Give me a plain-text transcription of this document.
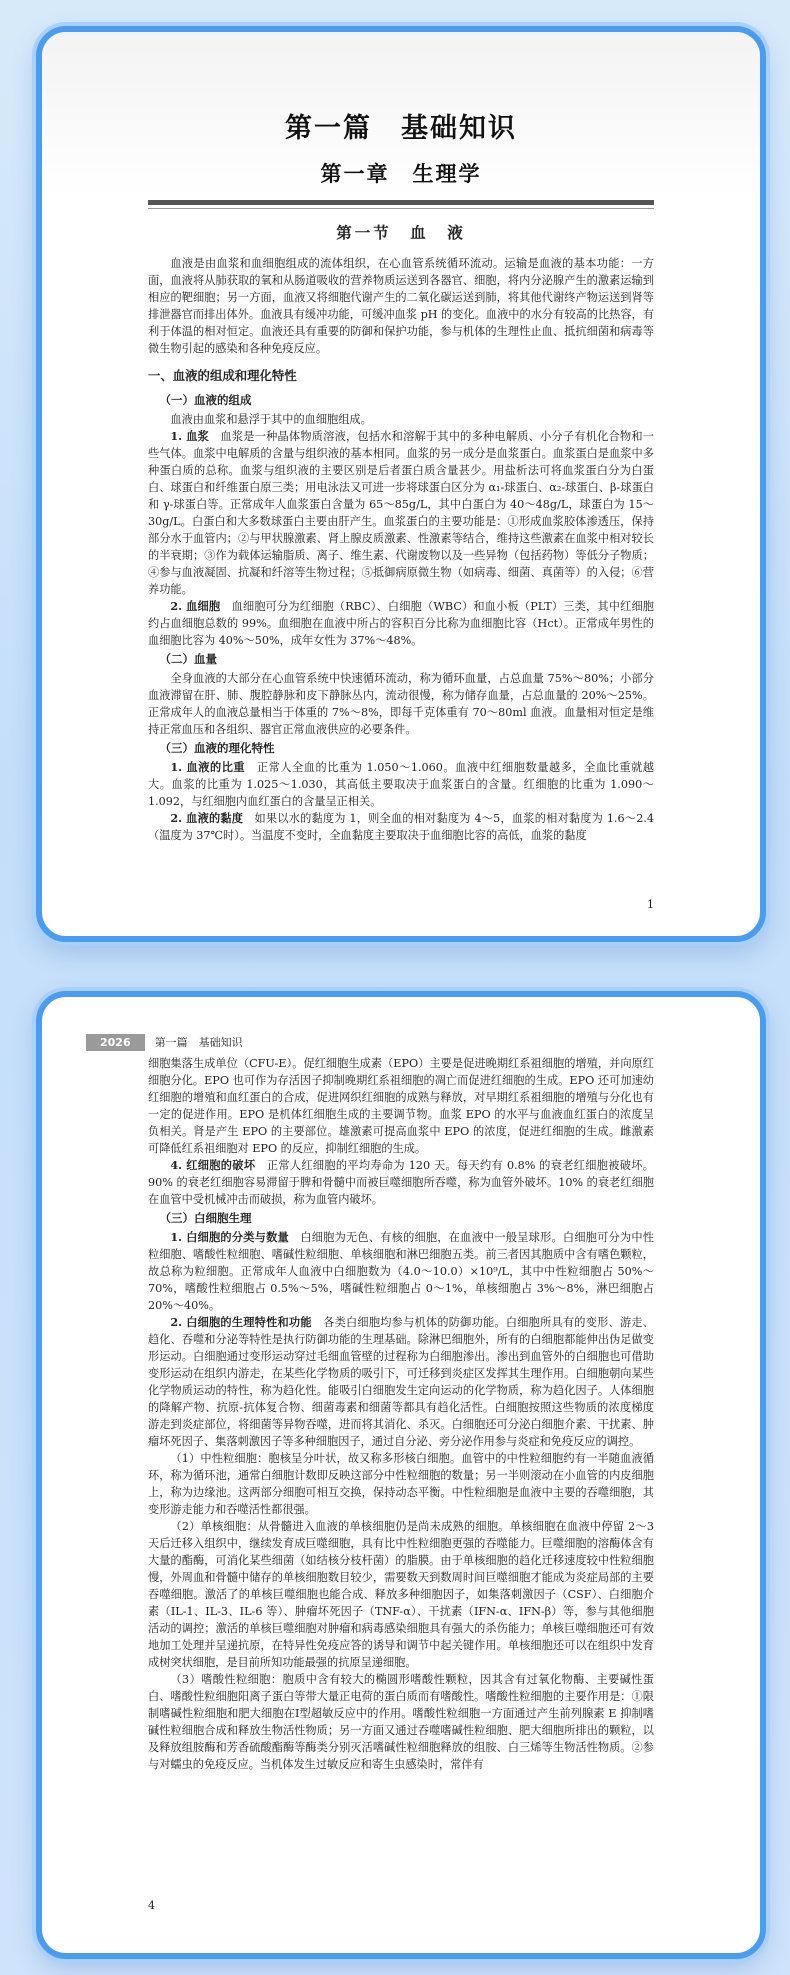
第一篇　基础知识
第一章　生理学
第一节　血　液

血液是由血浆和血细胞组成的流体组织，在心血管系统循环流动。运输是血液的基本功能：一方面，血液将从肺获取的氧和从肠道吸收的营养物质运送到各器官、细胞，将内分泌腺产生的激素运输到相应的靶细胞；另一方面，血液又将细胞代谢产生的二氧化碳运送到肺，将其他代谢终产物运送到肾等排泄器官而排出体外。血液具有缓冲功能，可缓冲血浆 pH 的变化。血液中的水分有较高的比热容，有利于体温的相对恒定。血液还具有重要的防御和保护功能，参与机体的生理性止血、抵抗细菌和病毒等微生物引起的感染和各种免疫反应。

一、血液的组成和理化特性
（一）血液的组成

血液由血浆和悬浮于其中的血细胞组成。

1. 血浆　血浆是一种晶体物质溶液，包括水和溶解于其中的多种电解质、小分子有机化合物和一些气体。血浆中电解质的含量与组织液的基本相同。血浆的另一成分是血浆蛋白。血浆蛋白是血浆中多种蛋白质的总称。血浆与组织液的主要区别是后者蛋白质含量甚少。用盐析法可将血浆蛋白分为白蛋白、球蛋白和纤维蛋白原三类；用电泳法又可进一步将球蛋白区分为 α₁-球蛋白、α₂-球蛋白、β-球蛋白和 γ-球蛋白等。正常成年人血浆蛋白含量为 65～85g/L，其中白蛋白为 40～48g/L，球蛋白为 15～30g/L。白蛋白和大多数球蛋白主要由肝产生。血浆蛋白的主要功能是：①形成血浆胶体渗透压，保持部分水于血管内；②与甲状腺激素、肾上腺皮质激素、性激素等结合，维持这些激素在血浆中相对较长的半衰期；③作为载体运输脂质、离子、维生素、代谢废物以及一些异物（包括药物）等低分子物质；④参与血液凝固、抗凝和纤溶等生物过程；⑤抵御病原微生物（如病毒、细菌、真菌等）的入侵；⑥营养功能。

2. 血细胞　血细胞可分为红细胞（RBC）、白细胞（WBC）和血小板（PLT）三类，其中红细胞约占血细胞总数的 99%。血细胞在血液中所占的容积百分比称为血细胞比容（Hct）。正常成年男性的血细胞比容为 40%～50%，成年女性为 37%～48%。

（二）血量

全身血液的大部分在心血管系统中快速循环流动，称为循环血量，占总血量 75%～80%；小部分血液滞留在肝、肺、腹腔静脉和皮下静脉丛内，流动很慢，称为储存血量，占总血量的 20%～25%。正常成年人的血液总量相当于体重的 7%～8%，即每千克体重有 70～80ml 血液。血量相对恒定是维持正常血压和各组织、器官正常血液供应的必要条件。

（三）血液的理化特性

1. 血液的比重　正常人全血的比重为 1.050～1.060。血液中红细胞数量越多，全血比重就越大。血浆的比重为 1.025～1.030，其高低主要取决于血浆蛋白的含量。红细胞的比重为 1.090～1.092，与红细胞内血红蛋白的含量呈正相关。

2. 血液的黏度　如果以水的黏度为 1，则全血的相对黏度为 4～5，血浆的相对黏度为 1.6～2.4（温度为 37℃时）。当温度不变时，全血黏度主要取决于血细胞比容的高低，血浆的黏度

1
2026	第一篇　基础知识

细胞集落生成单位（CFU-E）。促红细胞生成素（EPO）主要是促进晚期红系祖细胞的增殖，并向原红细胞分化。EPO 也可作为存活因子抑制晚期红系祖细胞的凋亡而促进红细胞的生成。EPO 还可加速幼红细胞的增殖和血红蛋白的合成，促进网织红细胞的成熟与释放，对早期红系祖细胞的增殖与分化也有一定的促进作用。EPO 是机体红细胞生成的主要调节物。血浆 EPO 的水平与血液血红蛋白的浓度呈负相关。肾是产生 EPO 的主要部位。雄激素可提高血浆中 EPO 的浓度，促进红细胞的生成。雌激素可降低红系祖细胞对 EPO 的反应，抑制红细胞的生成。

4. 红细胞的破坏　正常人红细胞的平均寿命为 120 天。每天约有 0.8% 的衰老红细胞被破坏。90% 的衰老红细胞容易滞留于脾和骨髓中而被巨噬细胞所吞噬，称为血管外破坏。10% 的衰老红细胞在血管中受机械冲击而破损，称为血管内破坏。

（三）白细胞生理

1. 白细胞的分类与数量　白细胞为无色、有核的细胞，在血液中一般呈球形。白细胞可分为中性粒细胞、嗜酸性粒细胞、嗜碱性粒细胞、单核细胞和淋巴细胞五类。前三者因其胞质中含有嗜色颗粒，故总称为粒细胞。正常成年人血液中白细胞数为（4.0～10.0）×10⁹/L，其中中性粒细胞占 50%～70%，嗜酸性粒细胞占 0.5%～5%，嗜碱性粒细胞占 0～1%，单核细胞占 3%～8%，淋巴细胞占 20%～40%。

2. 白细胞的生理特性和功能　各类白细胞均参与机体的防御功能。白细胞所具有的变形、游走、趋化、吞噬和分泌等特性是执行防御功能的生理基础。除淋巴细胞外，所有的白细胞都能伸出伪足做变形运动。白细胞通过变形运动穿过毛细血管壁的过程称为白细胞渗出。渗出到血管外的白细胞也可借助变形运动在组织内游走，在某些化学物质的吸引下，可迁移到炎症区发挥其生理作用。白细胞朝向某些化学物质运动的特性，称为趋化性。能吸引白细胞发生定向运动的化学物质，称为趋化因子。人体细胞的降解产物、抗原-抗体复合物、细菌毒素和细菌等都具有趋化活性。白细胞按照这些物质的浓度梯度游走到炎症部位，将细菌等异物吞噬，进而将其消化、杀灭。白细胞还可分泌白细胞介素、干扰素、肿瘤坏死因子、集落刺激因子等多种细胞因子，通过自分泌、旁分泌作用参与炎症和免疫反应的调控。

（1）中性粒细胞：胞核呈分叶状，故又称多形核白细胞。血管中的中性粒细胞约有一半随血液循环，称为循环池，通常白细胞计数即反映这部分中性粒细胞的数量；另一半则滚动在小血管的内皮细胞上，称为边缘池。这两部分细胞可相互交换，保持动态平衡。中性粒细胞是血液中主要的吞噬细胞，其变形游走能力和吞噬活性都很强。

（2）单核细胞：从骨髓进入血液的单核细胞仍是尚未成熟的细胞。单核细胞在血液中停留 2～3 天后迁移入组织中，继续发育成巨噬细胞，具有比中性粒细胞更强的吞噬能力。巨噬细胞的溶酶体含有大量的酯酶，可消化某些细菌（如结核分枝杆菌）的脂膜。由于单核细胞的趋化迁移速度较中性粒细胞慢，外周血和骨髓中储存的单核细胞数目较少，需要数天到数周时间巨噬细胞才能成为炎症局部的主要吞噬细胞。激活了的单核巨噬细胞也能合成、释放多种细胞因子，如集落刺激因子（CSF）、白细胞介素（IL-1、IL-3、IL-6 等）、肿瘤坏死因子（TNF-α）、干扰素（IFN-α、IFN-β）等，参与其他细胞活动的调控；激活的单核巨噬细胞对肿瘤和病毒感染细胞具有强大的杀伤能力；单核巨噬细胞还可有效地加工处理并呈递抗原，在特异性免疫应答的诱导和调节中起关键作用。单核细胞还可以在组织中发育成树突状细胞，是目前所知功能最强的抗原呈递细胞。

（3）嗜酸性粒细胞：胞质中含有较大的椭圆形嗜酸性颗粒，因其含有过氧化物酶、主要碱性蛋白、嗜酸性粒细胞阳离子蛋白等带大量正电荷的蛋白质而有嗜酸性。嗜酸性粒细胞的主要作用是：①限制嗜碱性粒细胞和肥大细胞在Ⅰ型超敏反应中的作用。嗜酸性粒细胞一方面通过产生前列腺素 E 抑制嗜碱性粒细胞合成和释放生物活性物质；另一方面又通过吞噬嗜碱性粒细胞、肥大细胞所排出的颗粒，以及释放组胺酶和芳香硫酸酯酶等酶类分别灭活嗜碱性粒细胞释放的组胺、白三烯等生物活性物质。②参与对蠕虫的免疫反应。当机体发生过敏反应和寄生虫感染时，常伴有

4
